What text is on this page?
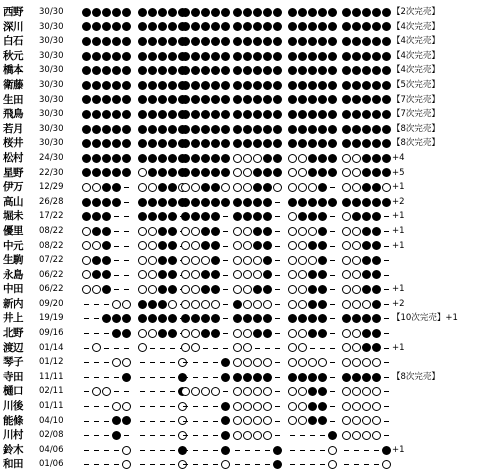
西野	30/30	【2次完売】
深川	30/30	【4次完売】
白石	30/30	【4次完売】
秋元	30/30	【4次完売】
橋本	30/30	【4次完売】
衛藤	30/30	【5次完売】
生田	30/30	【7次完売】
飛鳥	30/30	【7次完売】
若月	30/30	【8次完売】
桜井	30/30	【8次完売】
松村	24/30	+4
星野	22/30	+5
伊万	12/29	+1
高山	26/28	+2
堀未	17/22	+1
優里	08/22	+1
中元	08/22	+1
生駒	07/22
永島	06/22
中田	06/22	+1
新内	09/20	+2
井上	19/19	【10次完売】+1
北野	09/16
渡辺	01/14	+1
琴子	01/12
寺田	11/11	【8次完売】
樋口	02/11
川後	01/11
能條	04/10
川村	02/08
鈴木	04/06	+1
和田	01/06
